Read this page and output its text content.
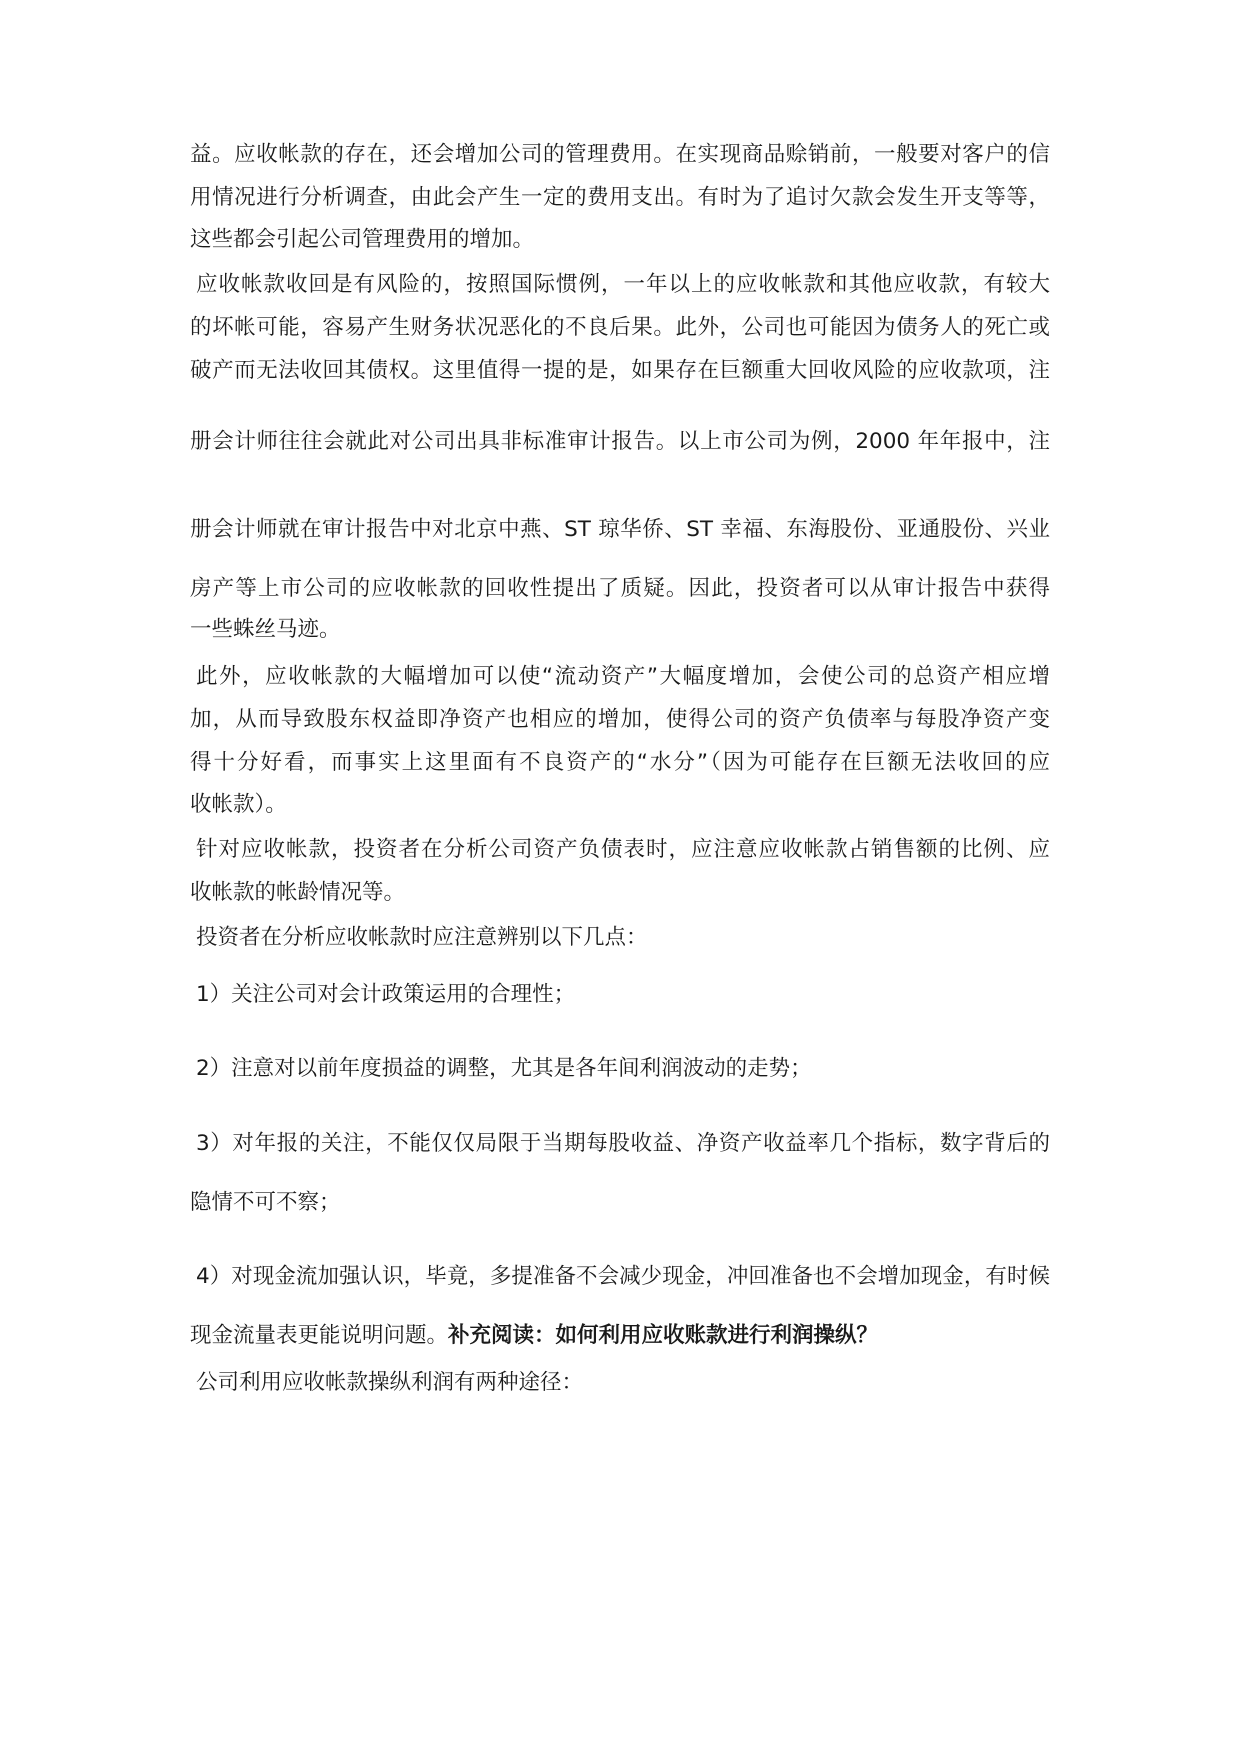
益。应收帐款的存在，还会增加公司的管理费用。在实现商品赊销前，一般要对客户的信
用情况进行分析调查，由此会产生一定的费用支出。有时为了追讨欠款会发生开支等等，
这些都会引起公司管理费用的增加。
应收帐款收回是有风险的，按照国际惯例，一年以上的应收帐款和其他应收款，有较大
的坏帐可能，容易产生财务状况恶化的不良后果。此外，公司也可能因为债务人的死亡或
破产而无法收回其债权。这里值得一提的是，如果存在巨额重大回收风险的应收款项，注
册会计师往往会就此对公司出具非标准审计报告。以上市公司为例，2000 年年报中，注
册会计师就在审计报告中对北京中燕、ST 琼华侨、ST 幸福、东海股份、亚通股份、兴业
房产等上市公司的应收帐款的回收性提出了质疑。因此，投资者可以从审计报告中获得
一些蛛丝马迹。
此外，应收帐款的大幅增加可以使“流动资产”大幅度增加，会使公司的总资产相应增
加，从而导致股东权益即净资产也相应的增加，使得公司的资产负债率与每股净资产变
得十分好看，而事实上这里面有不良资产的“水分”（因为可能存在巨额无法收回的应
收帐款）。
针对应收帐款，投资者在分析公司资产负债表时，应注意应收帐款占销售额的比例、应
收帐款的帐龄情况等。
投资者在分析应收帐款时应注意辨别以下几点：
1）关注公司对会计政策运用的合理性；
2）注意对以前年度损益的调整，尤其是各年间利润波动的走势；
3）对年报的关注，不能仅仅局限于当期每股收益、净资产收益率几个指标，数字背后的
隐情不可不察；
4）对现金流加强认识，毕竟，多提准备不会减少现金，冲回准备也不会增加现金，有时候
现金流量表更能说明问题。补充阅读：如何利用应收账款进行利润操纵？
公司利用应收帐款操纵利润有两种途径：
